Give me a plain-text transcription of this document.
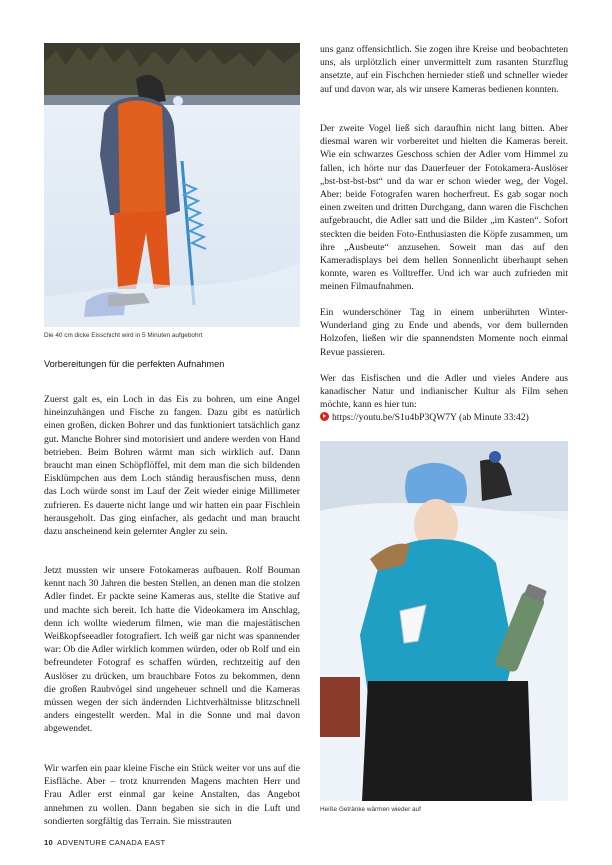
Die 40 cm dicke Eisschicht wird in 5 Minuten aufgebohrt
Vorbereitungen für die perfekten Aufnahmen

Zuerst galt es, ein Loch in das Eis zu bohren, um eine Angel hineinzuhängen und Fische zu fangen. Dazu gibt es natürlich einen großen, dicken Bohrer und das funktioniert tatsächlich ganz gut. Manche Bohrer sind motorisiert und andere werden von Hand betrieben. Beim Bohren wärmt man sich wirklich auf. Dann braucht man einen Schöpflöffel, mit dem man die sich bildenden Eisklümpchen aus dem Loch ständig herausfischen muss, denn das Loch würde sonst im Lauf der Zeit wieder einige Millimeter zufrieren. Es dauerte nicht lange und wir hatten ein paar Fischlein herausgeholt. Das ging einfacher, als gedacht und man braucht dazu anscheinend kein gelernter Angler zu sein.

Jetzt mussten wir unsere Fotokameras aufbauen. Rolf Bouman kennt nach 30 Jahren die besten Stellen, an denen man die stolzen Adler findet. Er packte seine Kameras aus, stellte die Stative auf und machte sich bereit. Ich hatte die Videokamera im Anschlag, denn ich wollte wiederum filmen, wie man die majestätischen Weißkopfseeadler fotografiert. Ich weiß gar nicht was spannender war: Ob die Adler wirklich kommen würden, oder ob Rolf und ein befreundeter Fotograf es schaffen würden, rechtzeitig auf den Auslöser zu drücken, um brauchbare Fotos zu bekommen, denn die großen Raubvögel sind ungeheuer schnell und die Kameras müssen wegen der sich ändernden Lichtverhältnisse blitzschnell anders eingestellt werden. Mal in die Sonne und mal davon abgewendet.

Wir warfen ein paar kleine Fische ein Stück weiter vor uns auf die Eisfläche. Aber – trotz knurrenden Magens machten Herr und Frau Adler erst einmal gar keine Anstalten, das Angebot annehmen zu wollen. Dann begaben sie sich in die Luft und sondierten sorgfältig das Terrain. Sie misstrauten

uns ganz offensichtlich. Sie zogen ihre Kreise und beobachteten uns, als urplötzlich einer unvermittelt zum rasanten Sturzflug ansetzte, auf ein Fischchen hernieder stieß und schneller wieder auf und davon war, als wir unsere Kameras bedienen konnten.

Der zweite Vogel ließ sich daraufhin nicht lang bitten. Aber diesmal waren wir vorbereitet und hielten die Kameras bereit. Wie ein schwarzes Geschoss schien der Adler vom Himmel zu fallen, ich hörte nur das Dauerfeuer der Fotokamera-Auslöser „bst-bst-bst-bst“ und da war er schon wieder weg, der Vogel. Aber: beide Fotografen waren hocherfreut. Es gab sogar noch einen zweiten und dritten Durchgang, dann waren die Fischchen aufgebraucht, die Adler satt und die Bilder „im Kasten“. Sofort steckten die beiden Foto-Enthusiasten die Köpfe zusammen, um ihre „Ausbeute“ anzusehen. Soweit man das auf den Kameradisplays bei dem hellen Sonnenlicht überhaupt sehen konnte, waren es Volltreffer. Und ich war auch zufrieden mit meinen Filmaufnahmen.

Ein wunderschöner Tag in einem unberührten Winter-Wunderland ging zu Ende und abends, vor dem bullernden Holzofen, ließen wir die spannendsten Momente noch einmal Revue passieren.

Wer das Eisfischen und die Adler und vieles Andere aus kanadischer Natur und indianischer Kultur als Film sehen möchte, kann es hier tun:

https://youtu.be/S1u4bP3QW7Y (ab Minute 33:42)
Heiße Getränke wärmen wieder auf
10 ADVENTURE CANADA EAST
